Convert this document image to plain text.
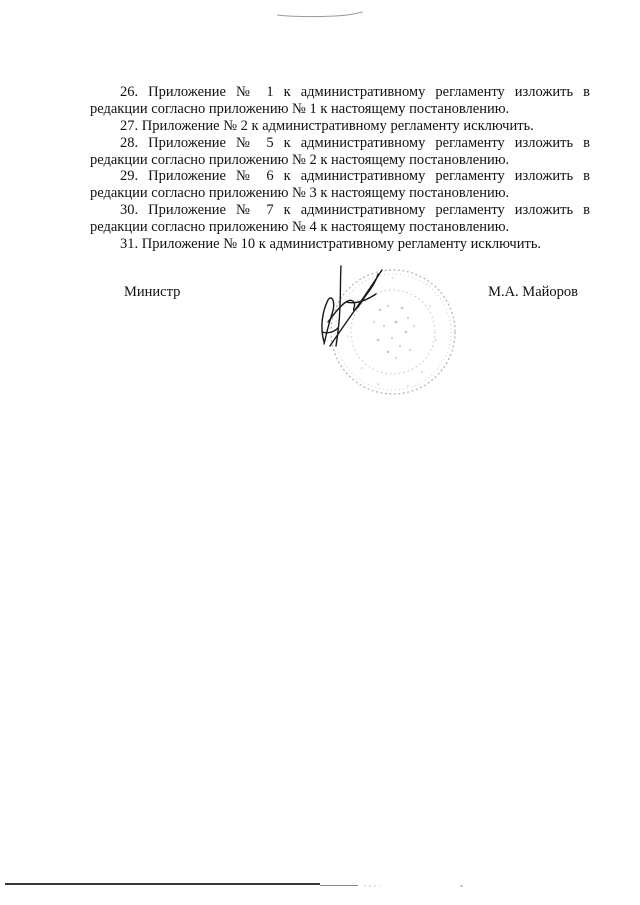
26. Приложение № 1 к административному регламенту изложить в
редакции согласно приложению № 1 к настоящему постановлению.
27. Приложение № 2 к административному регламенту исключить.
28. Приложение № 5 к административному регламенту изложить в
редакции согласно приложению № 2 к настоящему постановлению.
29. Приложение № 6 к административному регламенту изложить в
редакции согласно приложению № 3 к настоящему постановлению.
30. Приложение № 7 к административному регламенту изложить в
редакции согласно приложению № 4 к настоящему постановлению.
31. Приложение № 10 к административному регламенту исключить.
Министр	М.А. Майоров
